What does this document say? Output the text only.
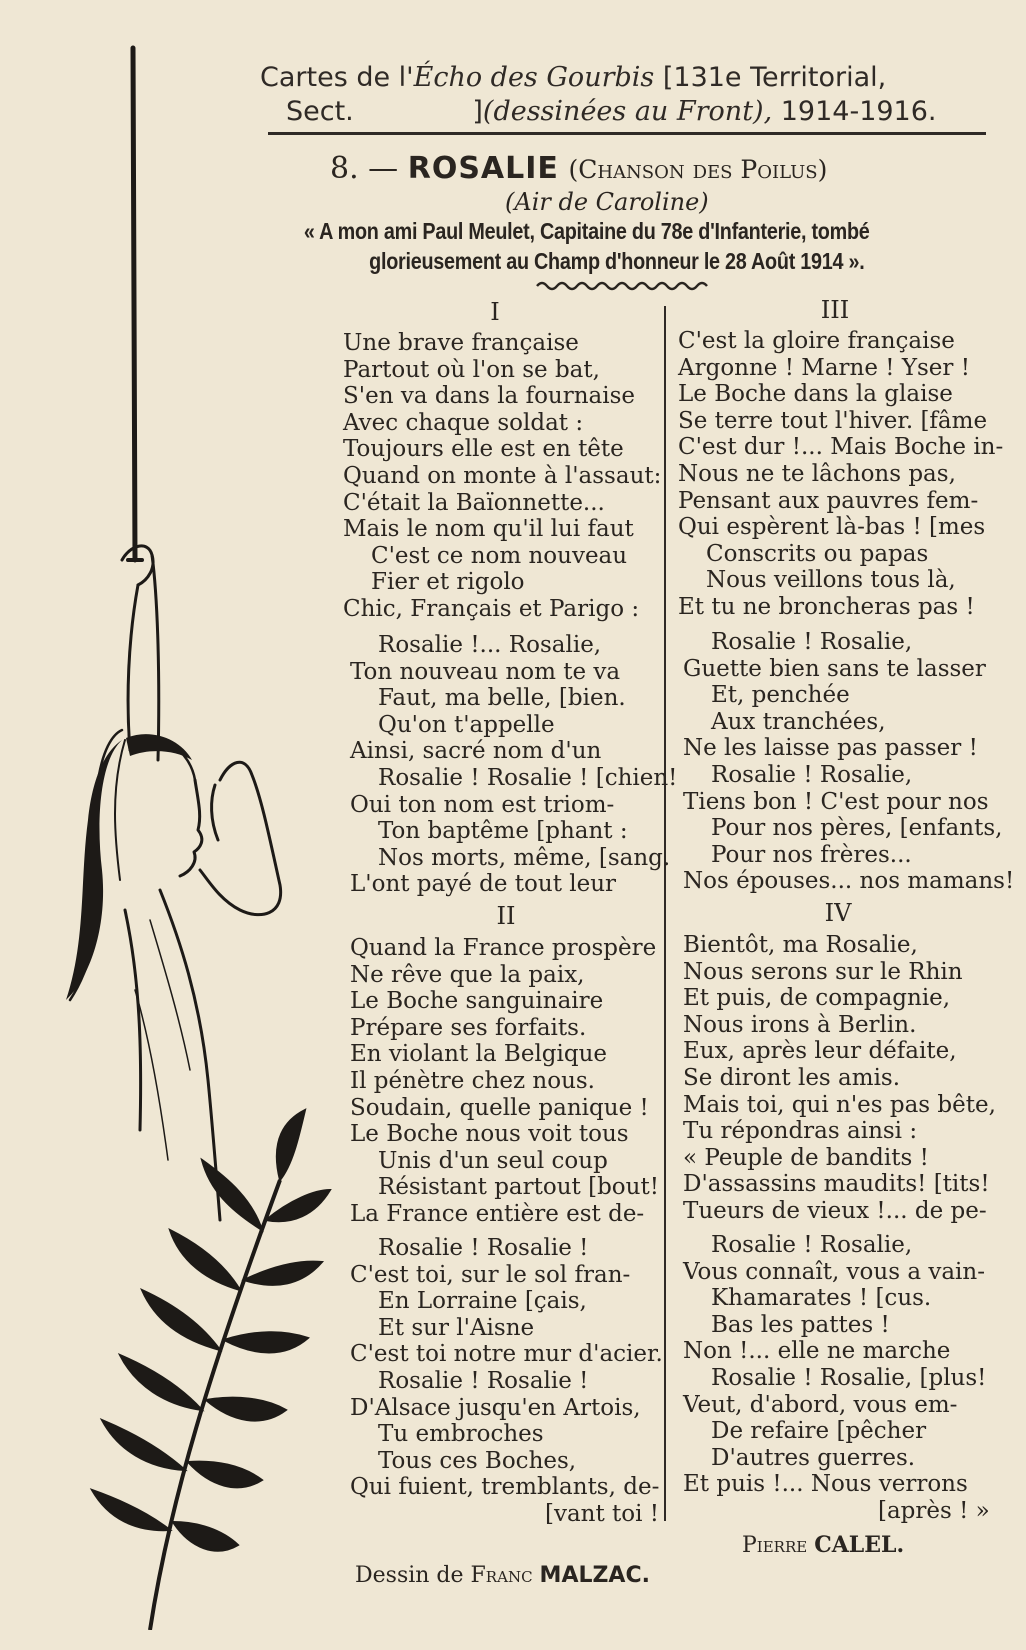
Cartes de l'Écho des Gourbis [131e Territorial,
Sect.	](dessinées au Front), 1914-1916.
8. — ROSALIE (Chanson des Poilus)
(Air de Caroline)
« A mon ami Paul Meulet, Capitaine du 78e d'Infanterie, tombé
glorieusement au Champ d'honneur le 28 Août 1914 ».
I
Une brave française
Partout où l'on se bat,
S'en va dans la fournaise
Avec chaque soldat :
Toujours elle est en tête
Quand on monte à l'assaut:
C'était la Baïonnette...
Mais le nom qu'il lui faut
C'est ce nom nouveau
Fier et rigolo
Chic, Français et Parigo :
Rosalie !... Rosalie,
Ton nouveau nom te va
Faut, ma belle, [bien.
Qu'on t'appelle
Ainsi, sacré nom d'un
Rosalie ! Rosalie ! [chien!
Oui ton nom est triom-
Ton baptême [phant :
Nos morts, même, [sang.
L'ont payé de tout leur
II
Quand la France prospère
Ne rêve que la paix,
Le Boche sanguinaire
Prépare ses forfaits.
En violant la Belgique
Il pénètre chez nous.
Soudain, quelle panique !
Le Boche nous voit tous
Unis d'un seul coup
Résistant partout [bout!
La France entière est de-
Rosalie ! Rosalie !
C'est toi, sur le sol fran-
En Lorraine [çais,
Et sur l'Aisne
C'est toi notre mur d'acier.
Rosalie ! Rosalie !
D'Alsace jusqu'en Artois,
Tu embroches
Tous ces Boches,
Qui fuient, tremblants, de-
[vant toi !
III
C'est la gloire française
Argonne ! Marne ! Yser !
Le Boche dans la glaise
Se terre tout l'hiver. [fâme
C'est dur !... Mais Boche in-
Nous ne te lâchons pas,
Pensant aux pauvres fem-
Qui espèrent là-bas ! [mes
Conscrits ou papas
Nous veillons tous là,
Et tu ne broncheras pas !
Rosalie ! Rosalie,
Guette bien sans te lasser
Et, penchée
Aux tranchées,
Ne les laisse pas passer !
Rosalie ! Rosalie,
Tiens bon ! C'est pour nos
Pour nos pères, [enfants,
Pour nos frères...
Nos épouses... nos mamans!
IV
Bientôt, ma Rosalie,
Nous serons sur le Rhin
Et puis, de compagnie,
Nous irons à Berlin.
Eux, après leur défaite,
Se diront les amis.
Mais toi, qui n'es pas bête,
Tu répondras ainsi :
« Peuple de bandits !
D'assassins maudits! [tits!
Tueurs de vieux !... de pe-
Rosalie ! Rosalie,
Vous connaît, vous a vain-
Khamarates ! [cus.
Bas les pattes !
Non !... elle ne marche
Rosalie ! Rosalie, [plus!
Veut, d'abord, vous em-
De refaire [pêcher
D'autres guerres.
Et puis !... Nous verrons
[après ! »
Pierre CALEL.
Dessin de Franc MALZAC.
